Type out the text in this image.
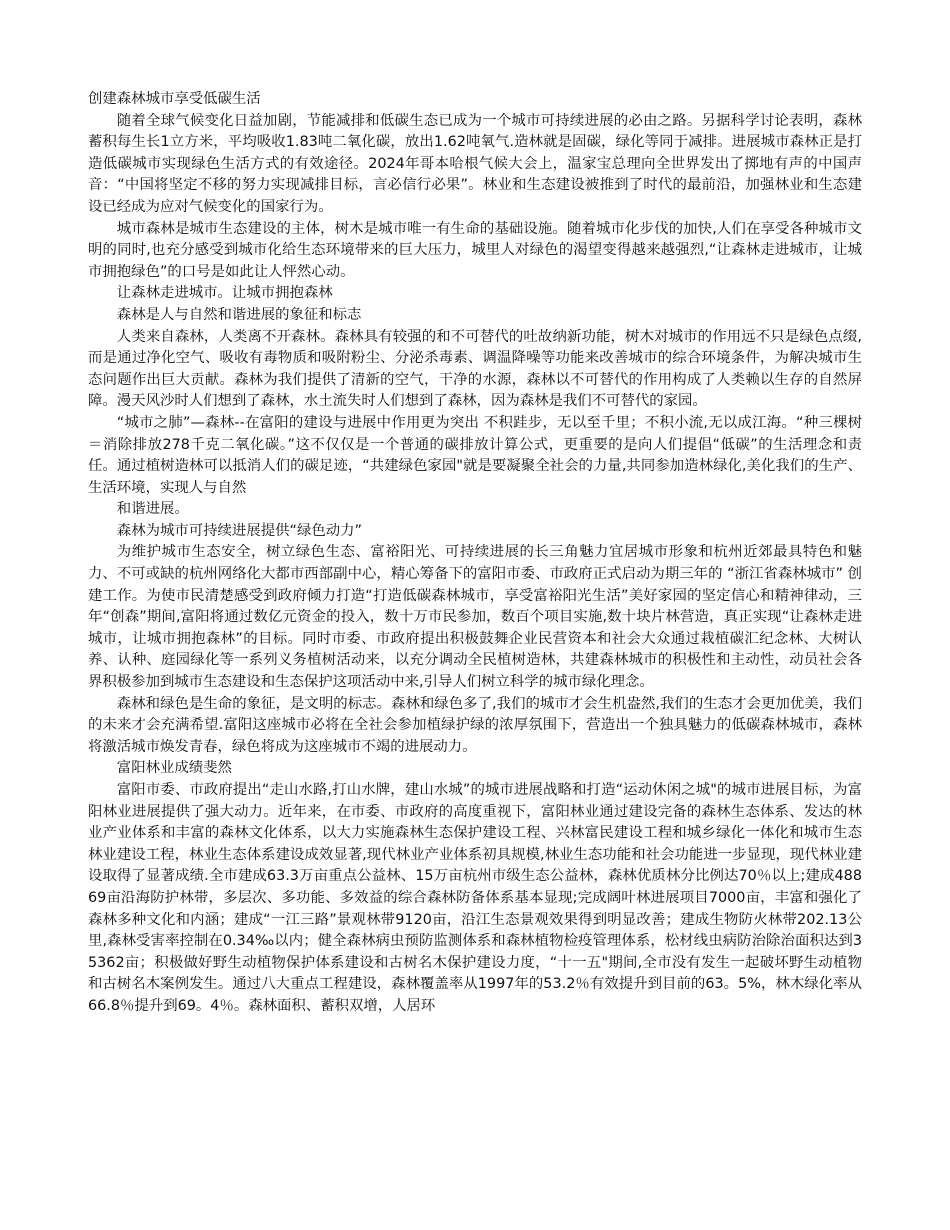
创建森林城市享受低碳生活

随着全球气候变化日益加剧，节能减排和低碳生态已成为一个城市可持续进展的必由之路。另据科学讨论表明，森林蓄积每生长1立方米，平均吸收1.83吨二氧化碳，放出1.62吨氧气.造林就是固碳，绿化等同于减排。进展城市森林正是打造低碳城市实现绿色生活方式的有效途径。2024年哥本哈根气候大会上，温家宝总理向全世界发出了掷地有声的中国声音：“中国将坚定不移的努力实现减排目标，言必信行必果”。林业和生态建设被推到了时代的最前沿，加强林业和生态建设已经成为应对气候变化的国家行为。

城市森林是城市生态建设的主体，树木是城市唯一有生命的基础设施。随着城市化步伐的加快,人们在享受各种城市文明的同时,也充分感受到城市化给生态环境带来的巨大压力，城里人对绿色的渴望变得越来越强烈,“让森林走进城市，让城市拥抱绿色”的口号是如此让人怦然心动。

让森林走进城市。让城市拥抱森林

森林是人与自然和谐进展的象征和标志

人类来自森林，人类离不开森林。森林具有较强的和不可替代的吐故纳新功能，树木对城市的作用远不只是绿色点缀,而是通过净化空气、吸收有毒物质和吸附粉尘、分泌杀毒素、调温降噪等功能来改善城市的综合环境条件，为解决城市生态问题作出巨大贡献。森林为我们提供了清新的空气，干净的水源，森林以不可替代的作用构成了人类赖以生存的自然屏障。漫天风沙时人们想到了森林，水土流失时人们想到了森林，因为森林是我们不可替代的家园。

“城市之肺”—森林--在富阳的建设与进展中作用更为突出 不积跬步，无以至千里；不积小流,无以成江海。“种三棵树＝消除排放278千克二氧化碳。”这不仅仅是一个普通的碳排放计算公式，更重要的是向人们提倡“低碳”的生活理念和责任。通过植树造林可以抵消人们的碳足迹，“共建绿色家园"就是要凝聚全社会的力量,共同参加造林绿化,美化我们的生产、生活环境，实现人与自然

和谐进展。

森林为城市可持续进展提供“绿色动力”

为维护城市生态安全，树立绿色生态、富裕阳光、可持续进展的长三角魅力宜居城市形象和杭州近郊最具特色和魅力、不可或缺的杭州网络化大都市西部副中心，精心筹备下的富阳市委、市政府正式启动为期三年的 “浙江省森林城市” 创建工作。为使市民清楚感受到政府倾力打造“打造低碳森林城市，享受富裕阳光生活”美好家园的坚定信心和精神律动，三年“创森”期间,富阳将通过数亿元资金的投入，数十万市民参加，数百个项目实施,数十块片林营造，真正实现“让森林走进城市，让城市拥抱森林”的目标。同时市委、市政府提出积极鼓舞企业民营资本和社会大众通过栽植碳汇纪念林、大树认养、认种、庭园绿化等一系列义务植树活动来，以充分调动全民植树造林，共建森林城市的积极性和主动性，动员社会各界积极参加到城市生态建设和生态保护这项活动中来,引导人们树立科学的城市绿化理念。

森林和绿色是生命的象征，是文明的标志。森林和绿色多了,我们的城市才会生机盎然,我们的生态才会更加优美，我们的未来才会充满希望.富阳这座城市必将在全社会参加植绿护绿的浓厚氛围下，营造出一个独具魅力的低碳森林城市，森林将激活城市焕发青春，绿色将成为这座城市不竭的进展动力。

富阳林业成绩斐然

富阳市委、市政府提出“走山水路,打山水牌，建山水城”的城市进展战略和打造“运动休闲之城"的城市进展目标，为富阳林业进展提供了强大动力。近年来，在市委、市政府的高度重视下，富阳林业通过建设完备的森林生态体系、发达的林业产业体系和丰富的森林文化体系，以大力实施森林生态保护建设工程、兴林富民建设工程和城乡绿化一体化和城市生态林业建设工程，林业生态体系建设成效显著,现代林业产业体系初具规模,林业生态功能和社会功能进一步显现，现代林业建设取得了显著成绩.全市建成63.3万亩重点公益林、15万亩杭州市级生态公益林，森林优质林分比例达70％以上;建成48869亩沿海防护林带，多层次、多功能、多效益的综合森林防备体系基本显现;完成阔叶林进展项目7000亩，丰富和强化了森林多种文化和内涵；建成“一江三路”景观林带9120亩，沿江生态景观效果得到明显改善；建成生物防火林带202.13公里,森林受害率控制在0.34‰以内；健全森林病虫预防监测体系和森林植物检疫管理体系，松材线虫病防治除治面积达到35362亩；积极做好野生动植物保护体系建设和古树名木保护建设力度，“十一五"期间,全市没有发生一起破坏野生动植物和古树名木案例发生。通过八大重点工程建设，森林覆盖率从1997年的53.2％有效提升到目前的63。5%，林木绿化率从66.8％提升到69。4％。森林面积、蓄积双增，人居环
